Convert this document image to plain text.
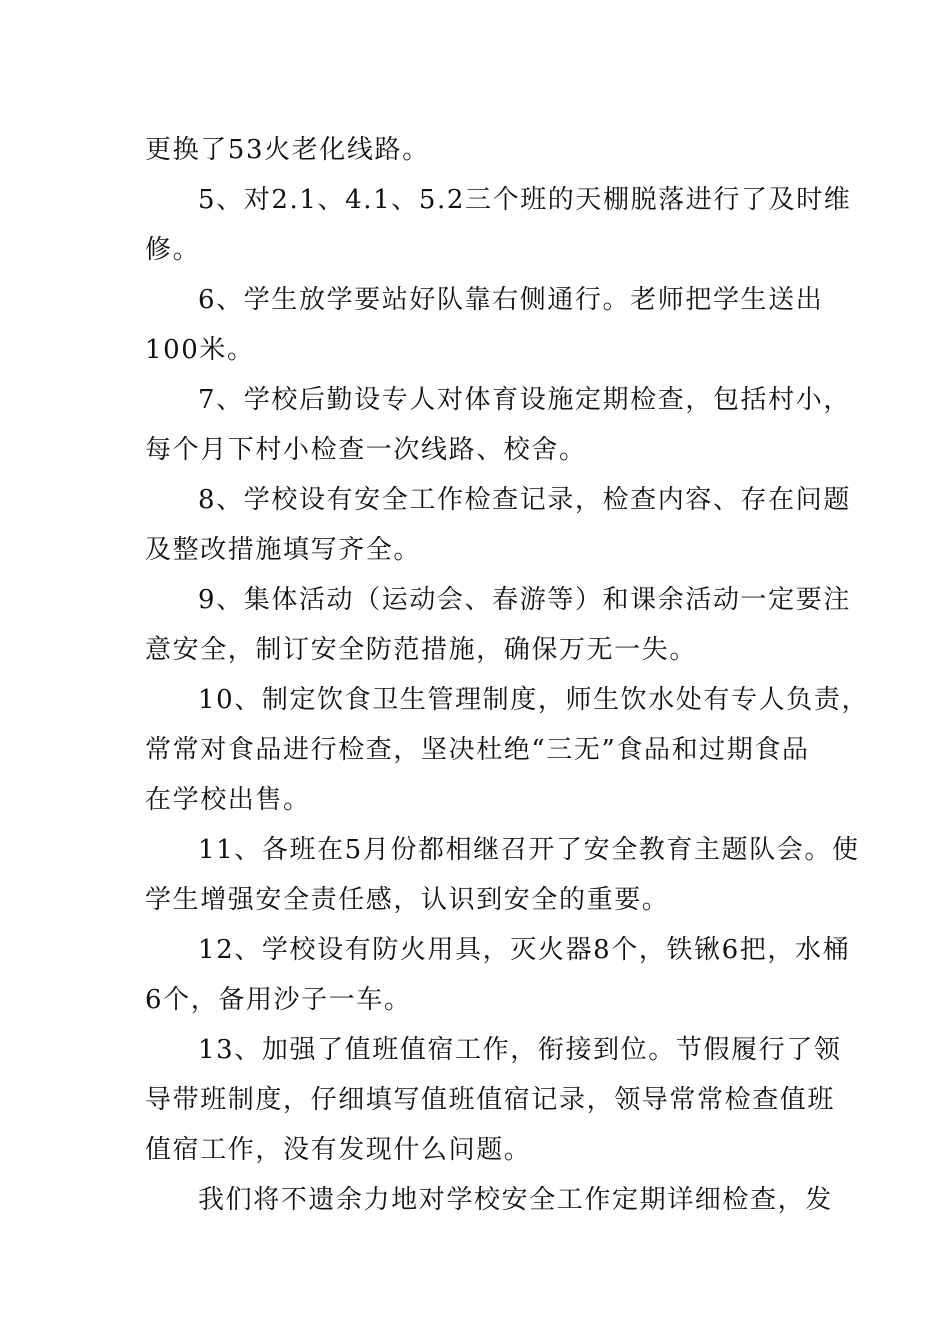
更换了53火老化线路。

5、对2.1、4.1、5.2三个班的天棚脱落进行了及时维

修。

6、学生放学要站好队靠右侧通行。老师把学生送出

100米。

7、学校后勤设专人对体育设施定期检查，包括村小，

每个月下村小检查一次线路、校舍。

8、学校设有安全工作检查记录，检查内容、存在问题

及整改措施填写齐全。

9、集体活动（运动会、春游等）和课余活动一定要注

意安全，制订安全防范措施，确保万无一失。

10、制定饮食卫生管理制度，师生饮水处有专人负责，

常常对食品进行检查，坚决杜绝“三无”食品和过期食品

在学校出售。

11、各班在5月份都相继召开了安全教育主题队会。使

学生增强安全责任感，认识到安全的重要。

12、学校设有防火用具，灭火器8个，铁锹6把，水桶

6个，备用沙子一车。

13、加强了值班值宿工作，衔接到位。节假履行了领

导带班制度，仔细填写值班值宿记录，领导常常检查值班

值宿工作，没有发现什么问题。

我们将不遗余力地对学校安全工作定期详细检查，发
